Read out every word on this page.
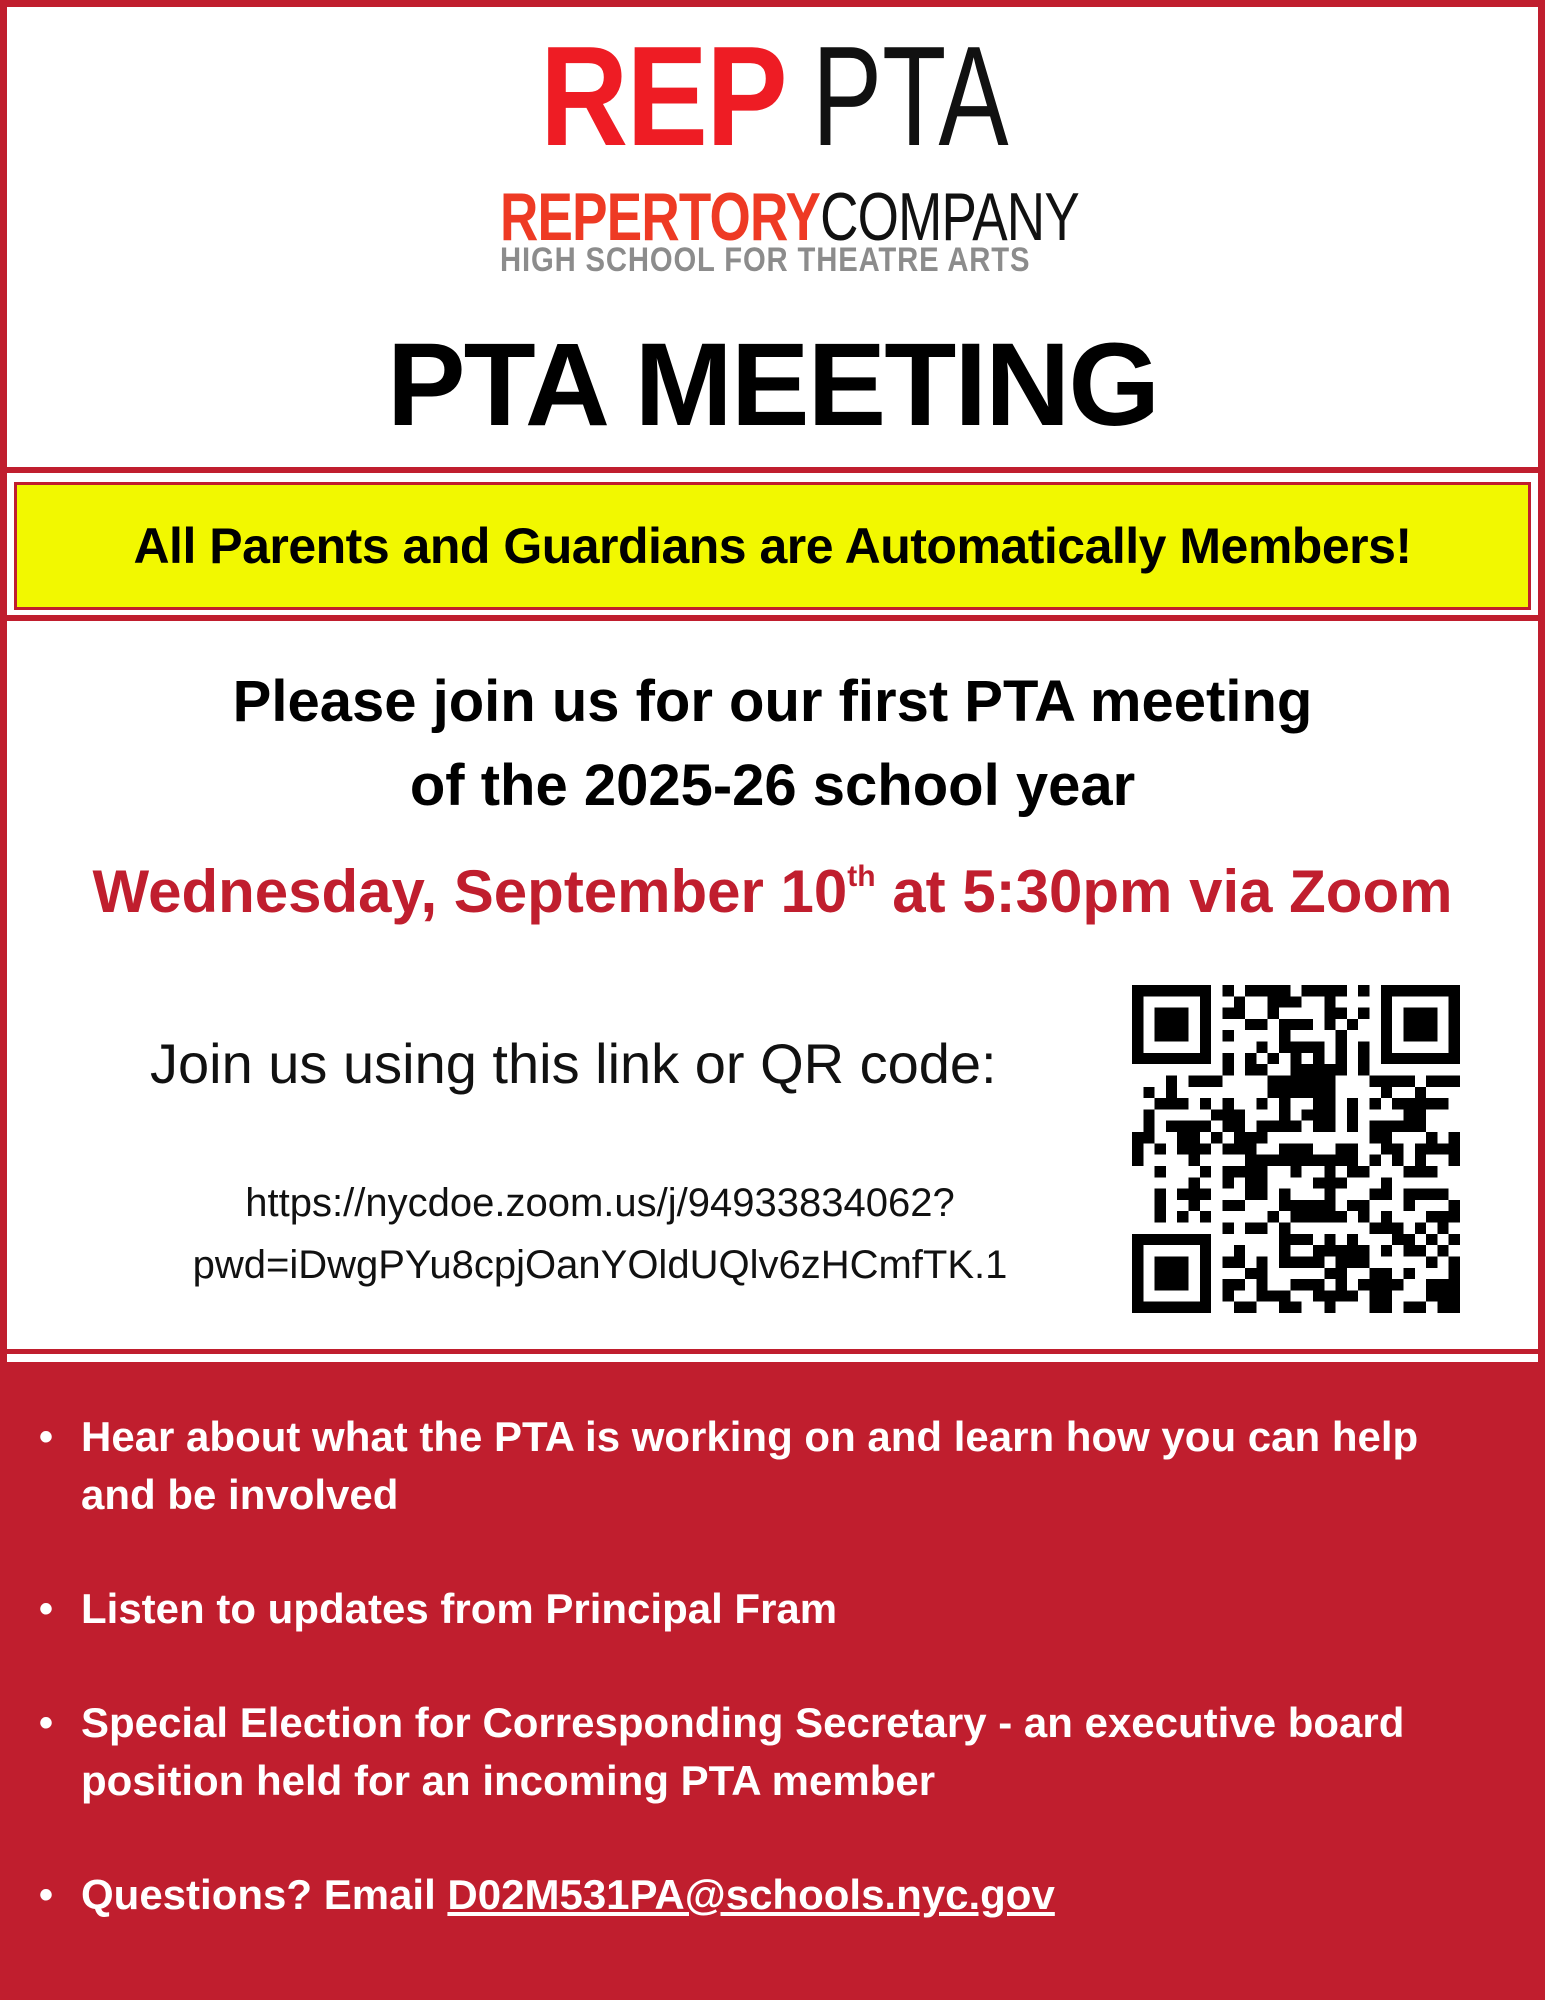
REP PTA
REPERTORYCOMPANY
HIGH SCHOOL FOR THEATRE ARTS
PTA MEETING
All Parents and Guardians are Automatically Members!
Please join us for our first PTA meeting
of the 2025-26 school year
Wednesday, September 10th at 5:30pm via Zoom
Join us using this link or QR code:
https://nycdoe.zoom.us/j/94933834062?
pwd=iDwgPYu8cpjOanYOldUQlv6zHCmfTK.1
• Hear about what the PTA is working on and learn how you can help and be involved
• Listen to updates from Principal Fram
• Special Election for Corresponding Secretary - an executive board position held for an incoming PTA member
• Questions? Email D02M531PA@schools.nyc.gov
